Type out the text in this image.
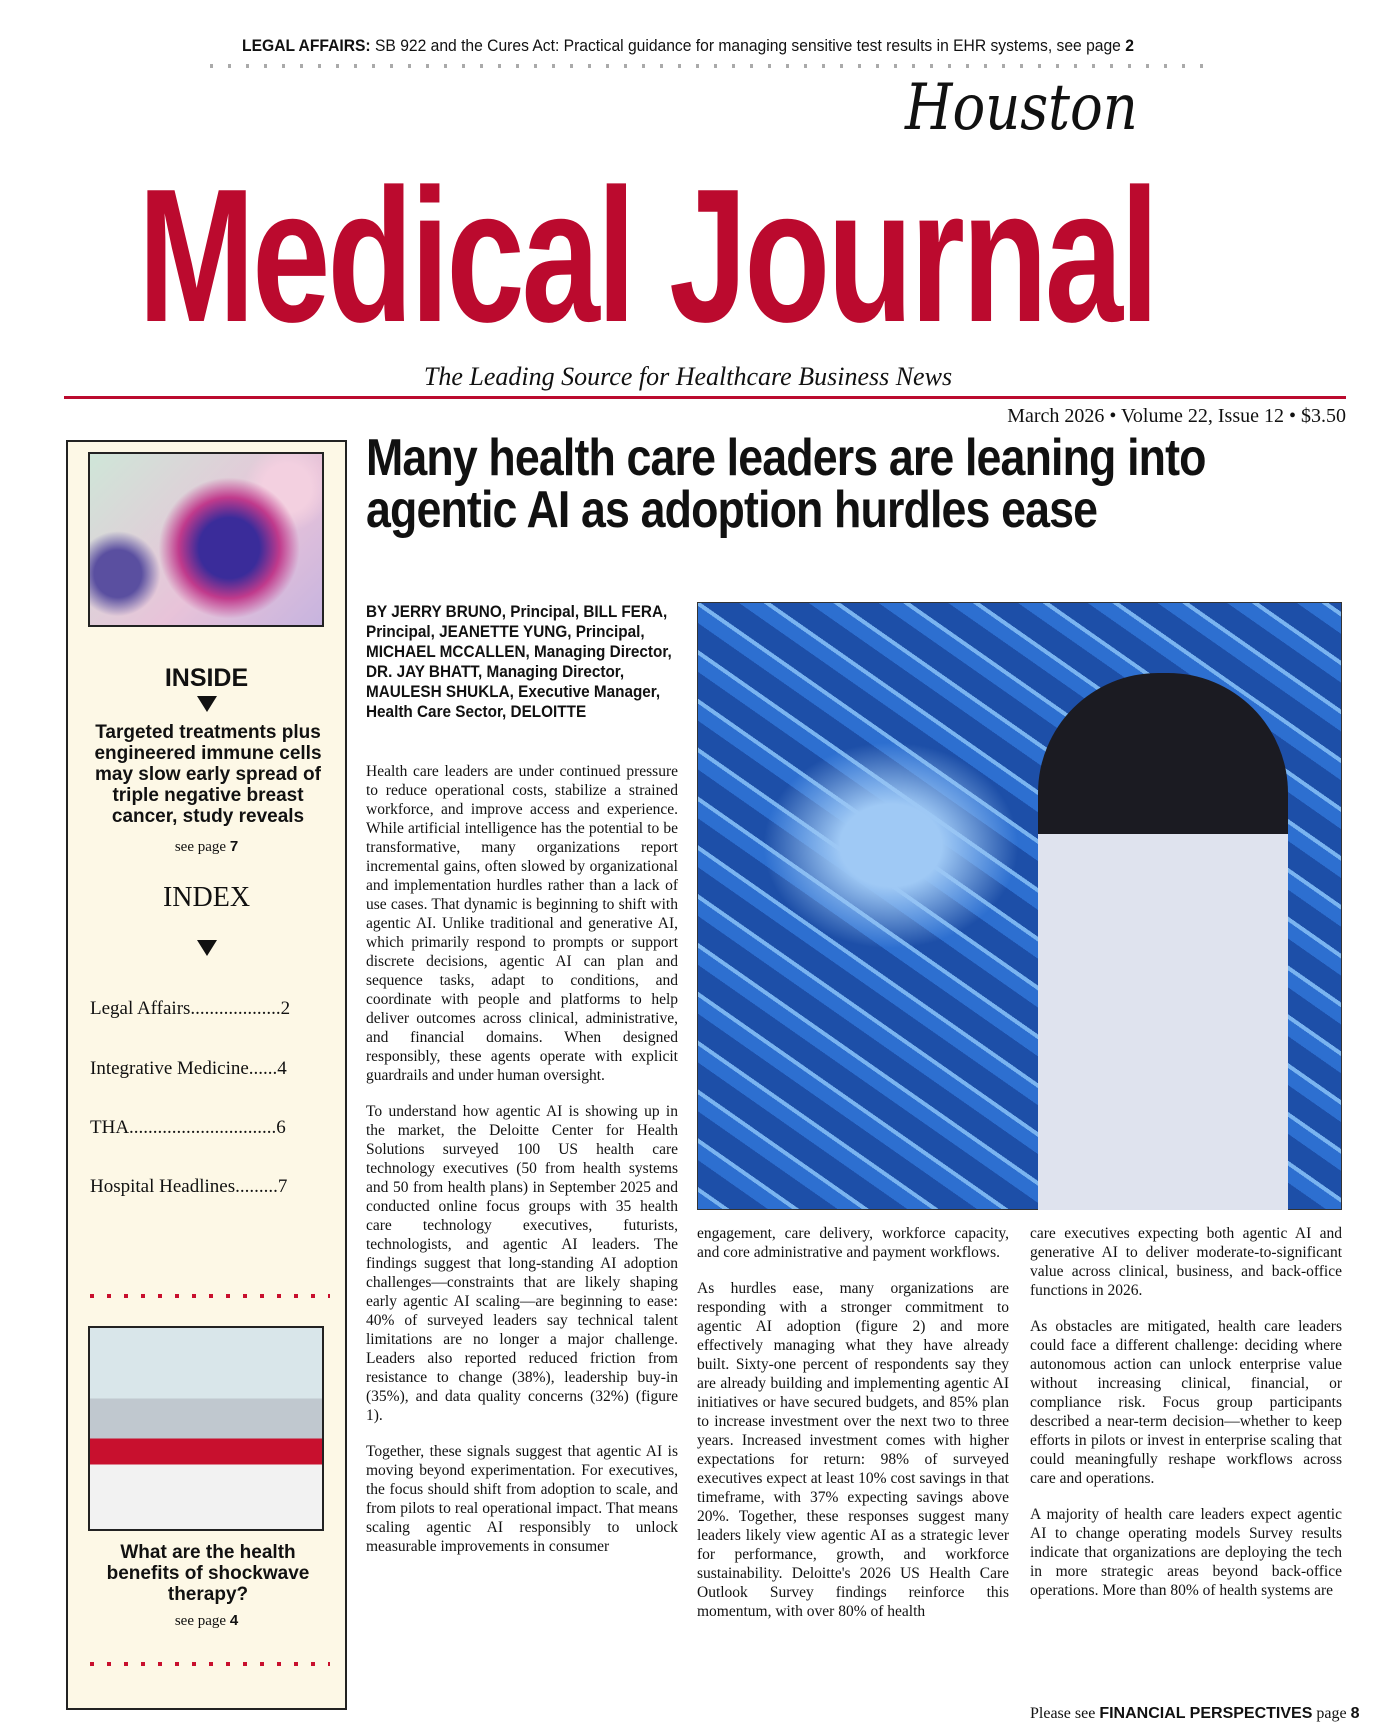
LEGAL AFFAIRS: SB 922 and the Cures Act: Practical guidance for managing sensitive test results in EHR systems, see page 2
Houston
Medical Journal
The Leading Source for Healthcare Business News
March 2026 • Volume 22, Issue 12 • $3.50
INSIDE
Targeted treatments plus engineered immune cells may slow early spread of triple negative breast cancer, study reveals
see page 7
INDEX
Legal Affairs...................2
Integrative Medicine......4
THA...............................6
Hospital Headlines.........7
What are the health benefits of shockwave therapy?
see page 4
Many health care leaders are leaning into agentic AI as adoption hurdles ease
BY JERRY BRUNO, Principal, BILL FERA, Principal, JEANETTE YUNG, Principal, MICHAEL MCCALLEN, Managing Director, DR. JAY BHATT, Managing Director, MAULESH SHUKLA, Executive Manager, Health Care Sector, DELOITTE

Health care leaders are under continued pressure to reduce operational costs, stabilize a strained workforce, and improve access and experience. While artificial intelligence has the potential to be transformative, many organizations report incremental gains, often slowed by organizational and implementation hurdles rather than a lack of use cases. That dynamic is beginning to shift with agentic AI. Unlike traditional and generative AI, which primarily respond to prompts or support discrete decisions, agentic AI can plan and sequence tasks, adapt to conditions, and coordinate with people and platforms to help deliver outcomes across clinical, administrative, and financial domains. When designed responsibly, these agents operate with explicit guardrails and under human oversight.

To understand how agentic AI is showing up in the market, the Deloitte Center for Health Solutions surveyed 100 US health care technology executives (50 from health systems and 50 from health plans) in September 2025 and conducted online focus groups with 35 health care technology executives, futurists, technologists, and agentic AI leaders. The findings suggest that long-standing AI adoption challenges—constraints that are likely shaping early agentic AI scaling—are beginning to ease: 40% of surveyed leaders say technical talent limitations are no longer a major challenge. Leaders also reported reduced friction from resistance to change (38%), leadership buy-in (35%), and data quality concerns (32%) (figure 1).

Together, these signals suggest that agentic AI is moving beyond experimentation. For executives, the focus should shift from adoption to scale, and from pilots to real operational impact. That means scaling agentic AI responsibly to unlock measurable improvements in consumer

engagement, care delivery, workforce capacity, and core administrative and payment workflows.

As hurdles ease, many organizations are responding with a stronger commitment to agentic AI adoption (figure 2) and more effectively managing what they have already built. Sixty-one percent of respondents say they are already building and implementing agentic AI initiatives or have secured budgets, and 85% plan to increase investment over the next two to three years. Increased investment comes with higher expectations for return: 98% of surveyed executives expect at least 10% cost savings in that timeframe, with 37% expecting savings above 20%. Together, these responses suggest many leaders likely view agentic AI as a strategic lever for performance, growth, and workforce sustainability. Deloitte's 2026 US Health Care Outlook Survey findings reinforce this momentum, with over 80% of health

care executives expecting both agentic AI and generative AI to deliver moderate-to-significant value across clinical, business, and back-office functions in 2026.

As obstacles are mitigated, health care leaders could face a different challenge: deciding where autonomous action can unlock enterprise value without increasing clinical, financial, or compliance risk. Focus group participants described a near-term decision—whether to keep efforts in pilots or invest in enterprise scaling that could meaningfully reshape workflows across care and operations.

A majority of health care leaders expect agentic AI to change operating models Survey results indicate that organizations are deploying the tech in more strategic areas beyond back-office operations. More than 80% of health systems are

Please see FINANCIAL PERSPECTIVES page 8
